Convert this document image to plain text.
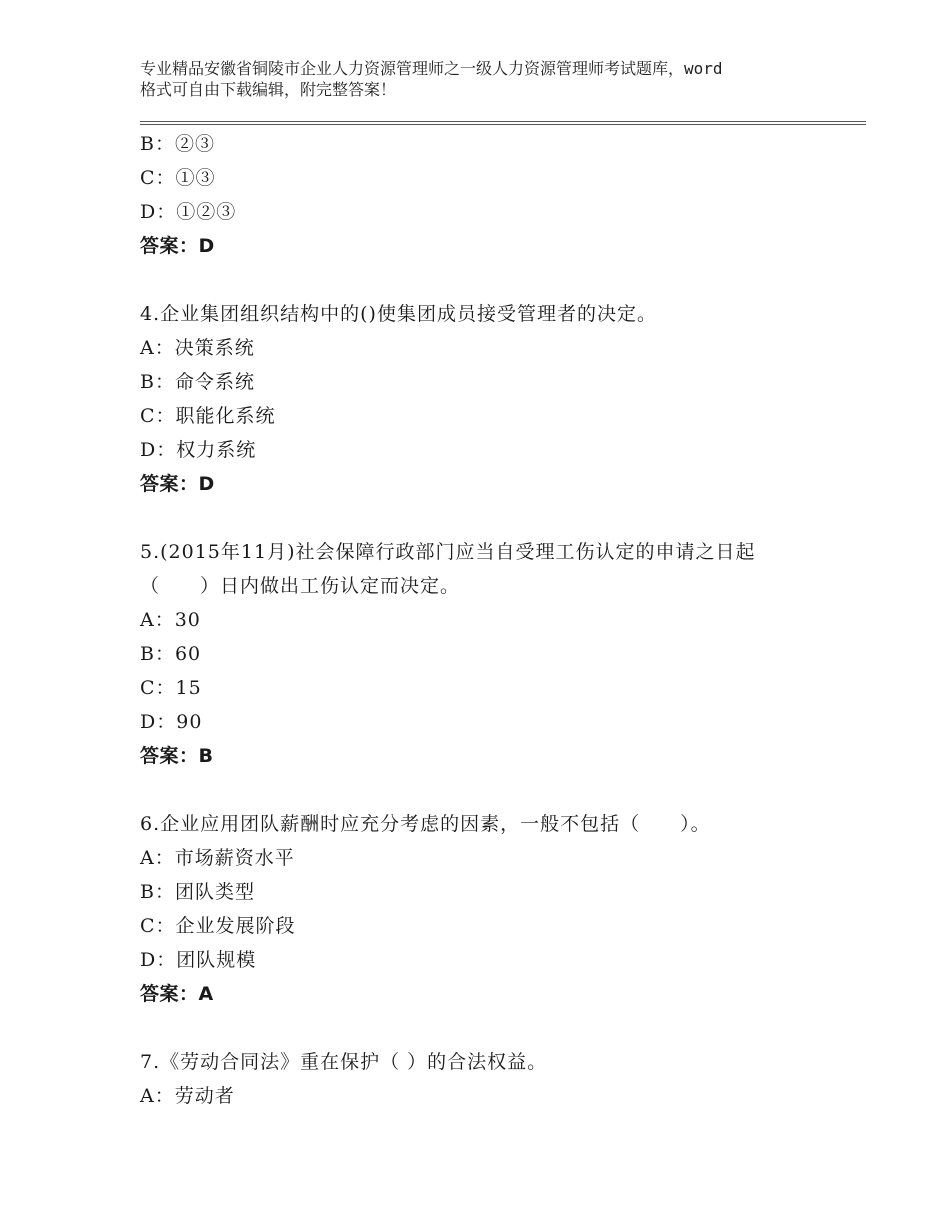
专业精品安徽省铜陵市企业人力资源管理师之一级人力资源管理师考试题库，word
格式可自由下载编辑，附完整答案！
B：②③
C：①③
D：①②③
答案：D
4.企业集团组织结构中的()使集团成员接受管理者的决定。
A：决策系统
B：命令系统
C：职能化系统
D：权力系统
答案：D
5.(2015年11月)社会保障行政部门应当自受理工伤认定的申请之日起
（　　）日内做出工伤认定而决定。
A：30
B：60
C：15
D：90
答案：B
6.企业应用团队薪酬时应充分考虑的因素，一般不包括（　　）。
A：市场薪资水平
B：团队类型
C：企业发展阶段
D：团队规模
答案：A
7.《劳动合同法》重在保护（ ）的合法权益。
A：劳动者
